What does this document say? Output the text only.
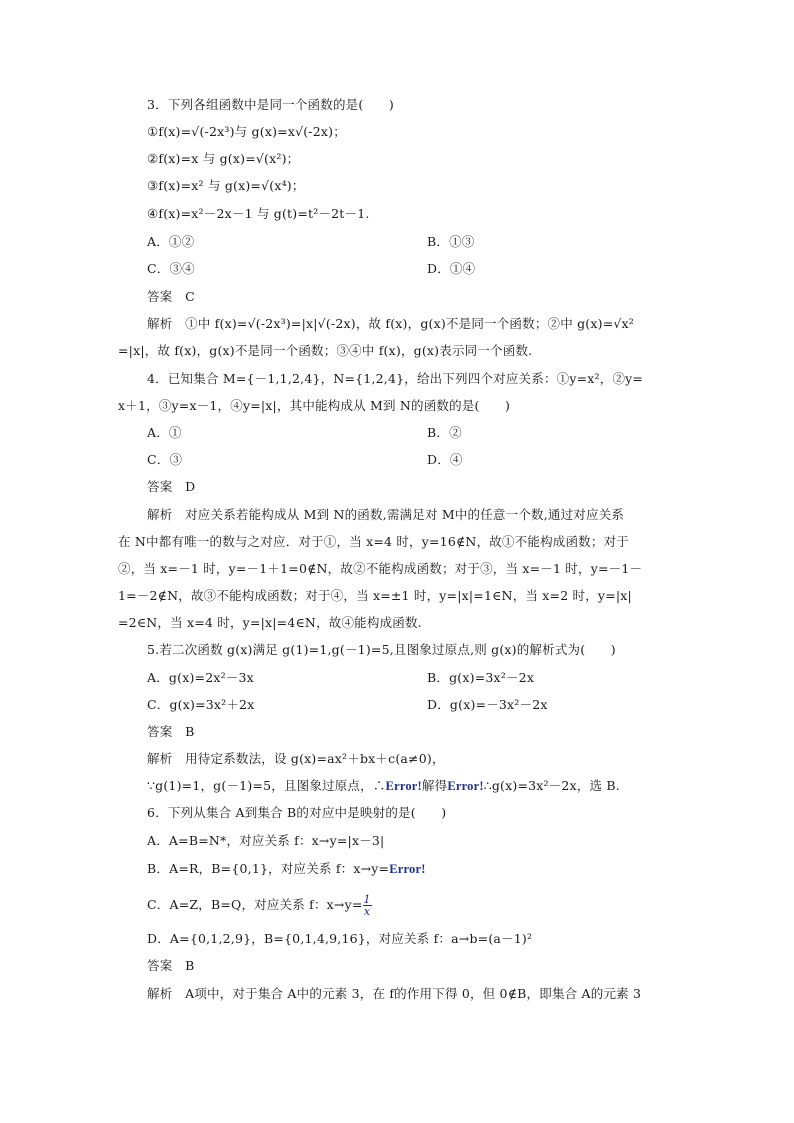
3．下列各组函数中是同一个函数的是(　　)
①f(x)=√(-2x³)与 g(x)=x√(-2x)；
②f(x)=x 与 g(x)=√(x²)；
③f(x)=x² 与 g(x)=√(x⁴)；
④f(x)=x²－2x－1 与 g(t)=t²－2t－1.
A．①②	B．①③
C．③④	D．①④
答案　C
解析　①中 f(x)=√(-2x³)=|x|√(-2x)，故 f(x)，g(x)不是同一个函数；②中 g(x)=√x²
=|x|，故 f(x)，g(x)不是同一个函数；③④中 f(x)，g(x)表示同一个函数.
4．已知集合 M={－1,1,2,4}，N={1,2,4}，给出下列四个对应关系：①y=x²，②y=
x＋1，③y=x－1，④y=|x|，其中能构成从 M到 N的函数的是(　　)
A．①	B．②
C．③	D．④
答案　D
解析　对应关系若能构成从 M到 N的函数,需满足对 M中的任意一个数,通过对应关系
在 N中都有唯一的数与之对应．对于①，当 x=4 时，y=16∉N，故①不能构成函数；对于
②，当 x=－1 时，y=－1＋1=0∉N，故②不能构成函数；对于③，当 x=－1 时，y=－1－
1=－2∉N，故③不能构成函数；对于④，当 x=±1 时，y=|x|=1∈N，当 x=2 时，y=|x|
=2∈N，当 x=4 时，y=|x|=4∈N，故④能构成函数.
5.若二次函数 g(x)满足 g(1)=1,g(－1)=5,且图象过原点,则 g(x)的解析式为(　　)
A．g(x)=2x²－3x	B．g(x)=3x²－2x
C．g(x)=3x²＋2x	D．g(x)=－3x²－2x
答案　B
解析　用待定系数法，设 g(x)=ax²＋bx＋c(a≠0)，
∵g(1)=1，g(－1)=5，且图象过原点，∴Error!解得Error!∴g(x)=3x²－2x，选 B.
6．下列从集合 A到集合 B的对应中是映射的是(　　)
A．A=B=N*，对应关系 f：x→y=|x－3|
B．A=R，B={0,1}，对应关系 f：x→y=Error!
C．A=Z，B=Q，对应关系 f：$x\to y= \frac{1}{x}$
D．A={0,1,2,9}，B={0,1,4,9,16}，对应关系 f：a→b=(a－1)²
答案　B
解析　A项中，对于集合 A中的元素 3，在 f的作用下得 0，但 0∉B，即集合 A的元素 3
